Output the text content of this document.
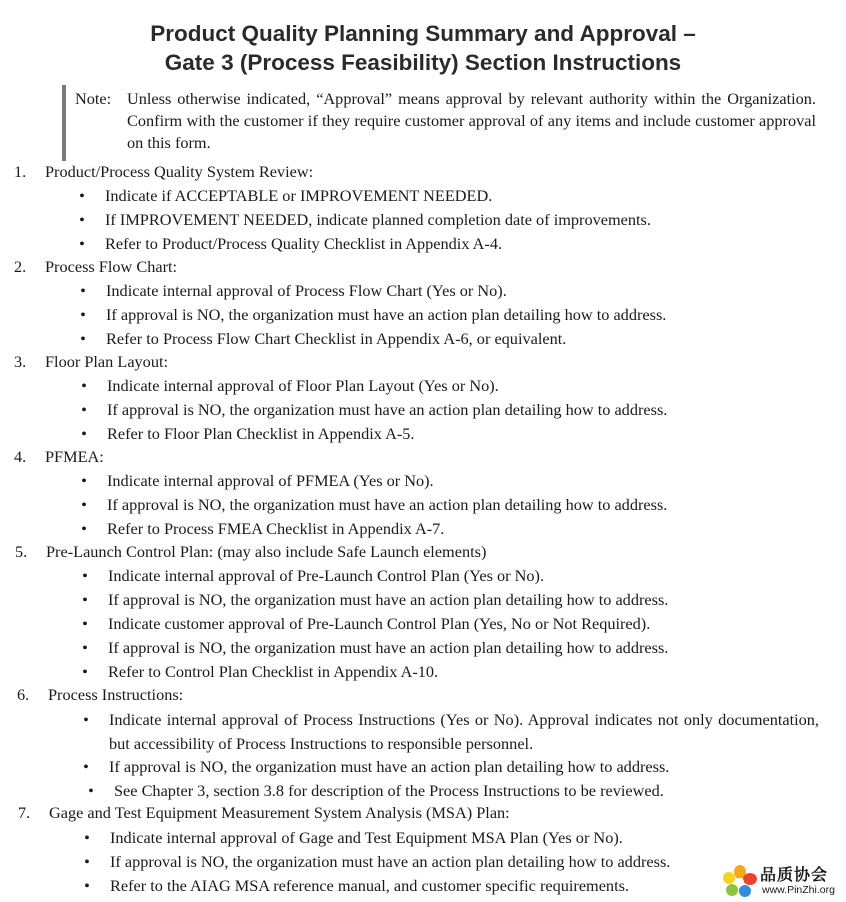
Product Quality Planning Summary and Approval –
Gate 3 (Process Feasibility) Section Instructions
Note: Unless otherwise indicated, “Approval” means approval by relevant authority within the Organization. Confirm with the customer if they require customer approval of any items and include customer approval on this form.
1. Product/Process Quality System Review:
• Indicate if ACCEPTABLE or IMPROVEMENT NEEDED.
• If IMPROVEMENT NEEDED, indicate planned completion date of improvements.
• Refer to Product/Process Quality Checklist in Appendix A-4.
2. Process Flow Chart:
• Indicate internal approval of Process Flow Chart (Yes or No).
• If approval is NO, the organization must have an action plan detailing how to address.
• Refer to Process Flow Chart Checklist in Appendix A-6, or equivalent.
3. Floor Plan Layout:
• Indicate internal approval of Floor Plan Layout (Yes or No).
• If approval is NO, the organization must have an action plan detailing how to address.
• Refer to Floor Plan Checklist in Appendix A-5.
4. PFMEA:
• Indicate internal approval of PFMEA (Yes or No).
• If approval is NO, the organization must have an action plan detailing how to address.
• Refer to Process FMEA Checklist in Appendix A-7.
5. Pre-Launch Control Plan: (may also include Safe Launch elements)
• Indicate internal approval of Pre-Launch Control Plan (Yes or No).
• If approval is NO, the organization must have an action plan detailing how to address.
• Indicate customer approval of Pre-Launch Control Plan (Yes, No or Not Required).
• If approval is NO, the organization must have an action plan detailing how to address.
• Refer to Control Plan Checklist in Appendix A-10.
6. Process Instructions:
• Indicate internal approval of Process Instructions (Yes or No). Approval indicates not only documentation, but accessibility of Process Instructions to responsible personnel.
• If approval is NO, the organization must have an action plan detailing how to address.
• See Chapter 3, section 3.8 for description of the Process Instructions to be reviewed.
7. Gage and Test Equipment Measurement System Analysis (MSA) Plan:
• Indicate internal approval of Gage and Test Equipment MSA Plan (Yes or No).
• If approval is NO, the organization must have an action plan detailing how to address.
• Refer to the AIAG MSA reference manual, and customer specific requirements.
品质协会
www.PinZhi.org
